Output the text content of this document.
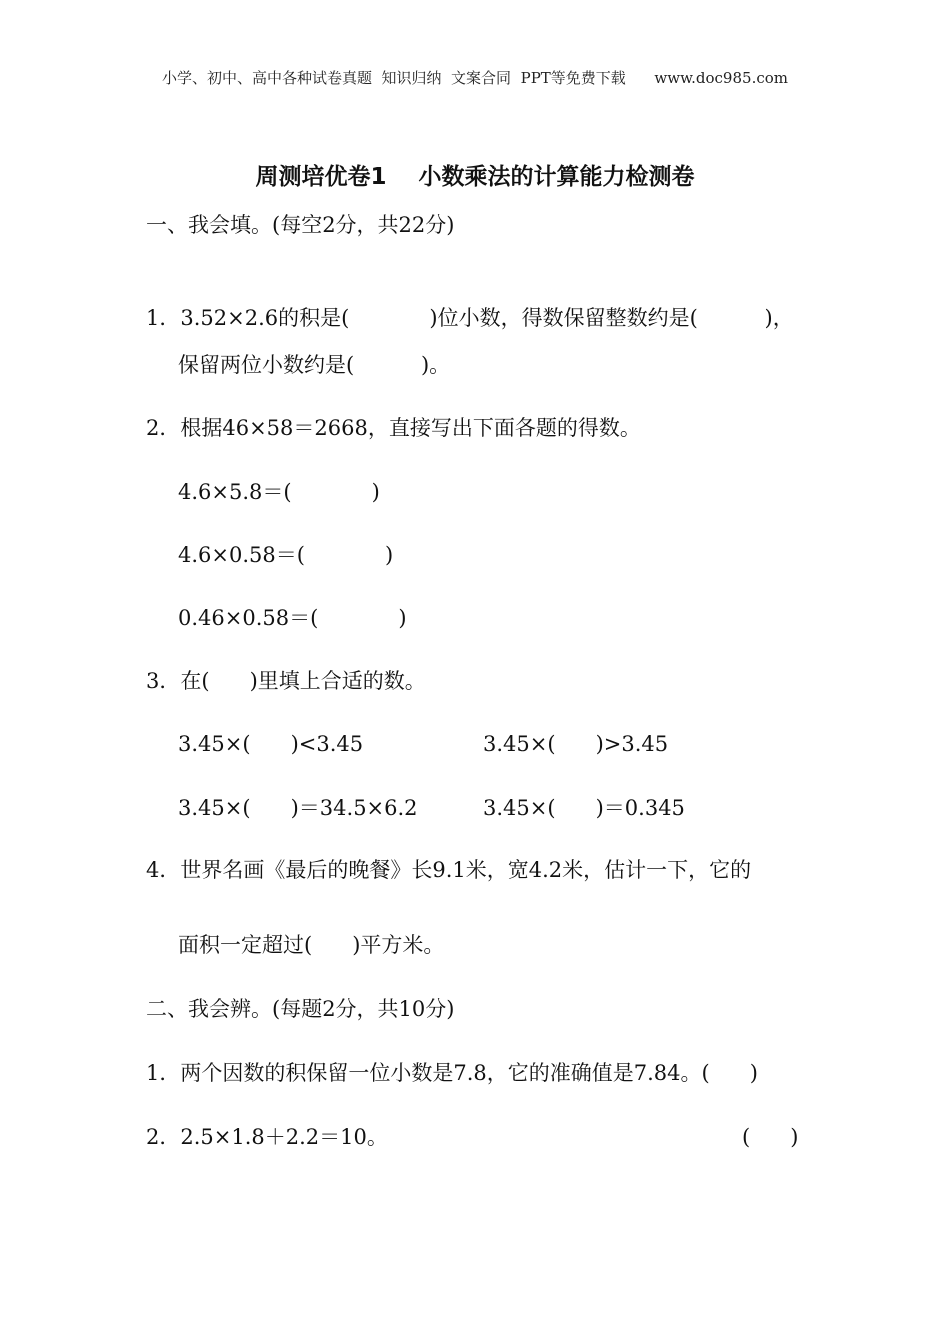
小学、初中、高中各种试卷真题  知识归纳  文案合同  PPT等免费下载      www.doc985.com
周测培优卷1    小数乘法的计算能力检测卷
一、我会填。(每空2分，共22分)
1．3.52×2.6的积是(            )位小数，得数保留整数约是(          )，
保留两位小数约是(          )。
2．根据46×58＝2668，直接写出下面各题的得数。
4.6×5.8＝(            )
4.6×0.58＝(            )
0.46×0.58＝(            )
3．在(      )里填上合适的数。
3.45×(      )<3.45	3.45×(      )>3.45
3.45×(      )＝34.5×6.2	3.45×(      )＝0.345
4．世界名画《最后的晚餐》长9.1米，宽4.2米，估计一下，它的
面积一定超过(      )平方米。
二、我会辨。(每题2分，共10分)
1．两个因数的积保留一位小数是7.8，它的准确值是7.84。(      )
2．2.5×1.8＋2.2＝10。	(      )
